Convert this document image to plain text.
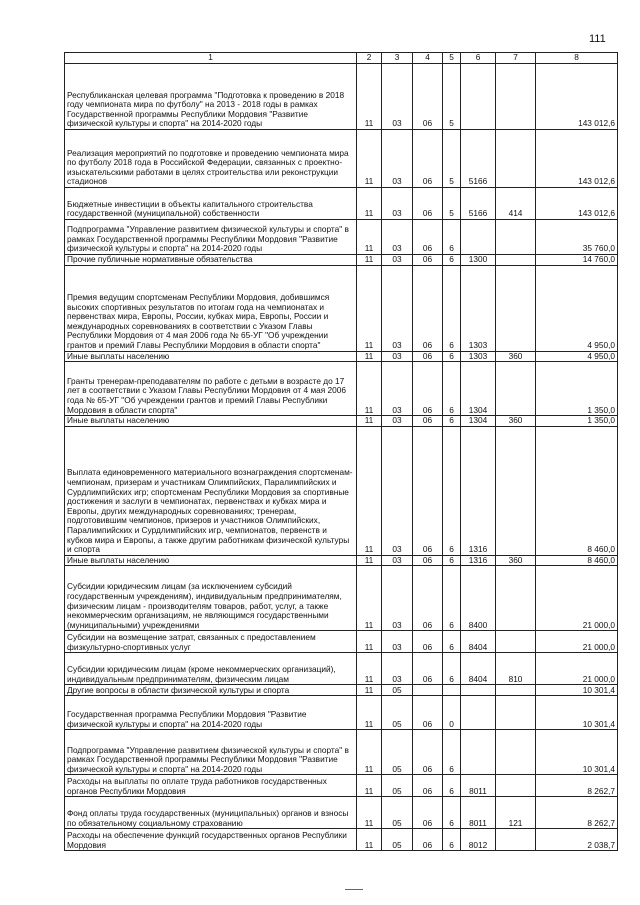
111
1	2	3	4	5	6	7	8
Республиканская целевая программа "Подготовка к проведению в 2018 году чемпионата мира по футболу" на 2013 - 2018 годы в рамках Государственной программы Республики Мордовия "Развитие физической культуры и спорта" на 2014-2020 годы	11	03	06	5			143 012,6
Реализация мероприятий по подготовке и проведению чемпионата мира по футболу 2018 года в Российской Федерации, связанных с проектно-изыскательскими работами в целях строительства или реконструкции стадионов	11	03	06	5	5166		143 012,6
Бюджетные инвестиции в объекты капитального строительства государственной (муниципальной) собственности	11	03	06	5	5166	414	143 012,6
Подпрограмма "Управление развитием физической культуры и спорта" в рамках Государственной программы Республики Мордовия "Развитие физической культуры и спорта" на 2014-2020 годы	11	03	06	6			35 760,0
Прочие публичные нормативные обязательства	11	03	06	6	1300		14 760,0
Премия ведущим спортсменам Республики Мордовия, добившимся высоких спортивных результатов по итогам года на чемпионатах и первенствах мира, Европы, России, кубках мира, Европы, России и международных соревнованиях в соответствии с Указом Главы Республики Мордовия от 4 мая 2006 года № 65-УГ "Об учреждении грантов и премий Главы Республики Мордовия в области спорта"	11	03	06	6	1303		4 950,0
Иные выплаты населению	11	03	06	6	1303	360	4 950,0
Гранты тренерам-преподавателям по работе с детьми в возрасте до 17 лет в соответствии с Указом Главы Республики Мордовия от 4 мая 2006 года № 65-УГ "Об учреждении грантов и премий Главы Республики Мордовия в области спорта"	11	03	06	6	1304		1 350,0
Иные выплаты населению	11	03	06	6	1304	360	1 350,0
Выплата единовременного материального вознаграждения спортсменам-чемпионам, призерам и участникам Олимпийских, Паралимпийских и Сурдлимпийских игр; спортсменам Республики Мордовия за спортивные достижения и заслуги в чемпионатах, первенствах и кубках мира и Европы, других международных соревнованиях; тренерам, подготовившим чемпионов, призеров и участников Олимпийских, Паралимпийских и Сурдлимпийских игр, чемпионатов, первенств и кубков мира и Европы, а также другим работникам физической культуры и спорта	11	03	06	6	1316		8 460,0
Иные выплаты населению	11	03	06	6	1316	360	8 460,0
Субсидии юридическим лицам (за исключением субсидий государственным учреждениям), индивидуальным предпринимателям, физическим лицам - производителям товаров, работ, услуг, а также некоммерческим организациям, не являющимся государственными (муниципальными) учреждениями	11	03	06	6	8400		21 000,0
Субсидии на возмещение затрат, связанных с предоставлением физкультурно-спортивных услуг	11	03	06	6	8404		21 000,0
Субсидии юридическим лицам (кроме некоммерческих организаций), индивидуальным предпринимателям, физическим лицам	11	03	06	6	8404	810	21 000,0
Другие вопросы в области физической культуры и спорта	11	05					10 301,4
Государственная программа Республики Мордовия "Развитие физической культуры и спорта" на 2014-2020 годы	11	05	06	0			10 301,4
Подпрограмма "Управление развитием физической культуры и спорта" в рамках Государственной программы Республики Мордовия "Развитие физической культуры и спорта" на 2014-2020 годы	11	05	06	6			10 301,4
Расходы на выплаты по оплате труда работников государственных органов Республики Мордовия	11	05	06	6	8011		8 262,7
Фонд оплаты труда государственных (муниципальных) органов и взносы по обязательному социальному страхованию	11	05	06	6	8011	121	8 262,7
Расходы на обеспечение функций государственных органов Республики Мордовия	11	05	06	6	8012		2 038,7
